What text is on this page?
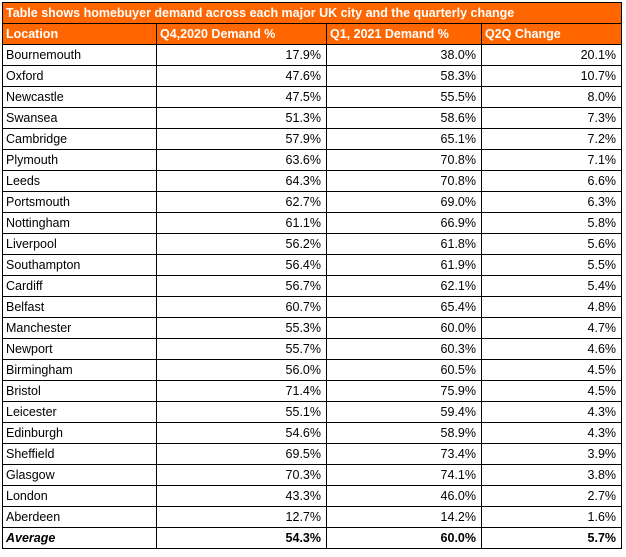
Table shows homebuyer demand across each major UK city and the quarterly change			
Location	Q4,2020 Demand %	Q1, 2021 Demand %	Q2Q Change
Bournemouth	17.9%	38.0%	20.1%
Oxford	47.6%	58.3%	10.7%
Newcastle	47.5%	55.5%	8.0%
Swansea	51.3%	58.6%	7.3%
Cambridge	57.9%	65.1%	7.2%
Plymouth	63.6%	70.8%	7.1%
Leeds	64.3%	70.8%	6.6%
Portsmouth	62.7%	69.0%	6.3%
Nottingham	61.1%	66.9%	5.8%
Liverpool	56.2%	61.8%	5.6%
Southampton	56.4%	61.9%	5.5%
Cardiff	56.7%	62.1%	5.4%
Belfast	60.7%	65.4%	4.8%
Manchester	55.3%	60.0%	4.7%
Newport	55.7%	60.3%	4.6%
Birmingham	56.0%	60.5%	4.5%
Bristol	71.4%	75.9%	4.5%
Leicester	55.1%	59.4%	4.3%
Edinburgh	54.6%	58.9%	4.3%
Sheffield	69.5%	73.4%	3.9%
Glasgow	70.3%	74.1%	3.8%
London	43.3%	46.0%	2.7%
Aberdeen	12.7%	14.2%	1.6%
Average	54.3%	60.0%	5.7%
